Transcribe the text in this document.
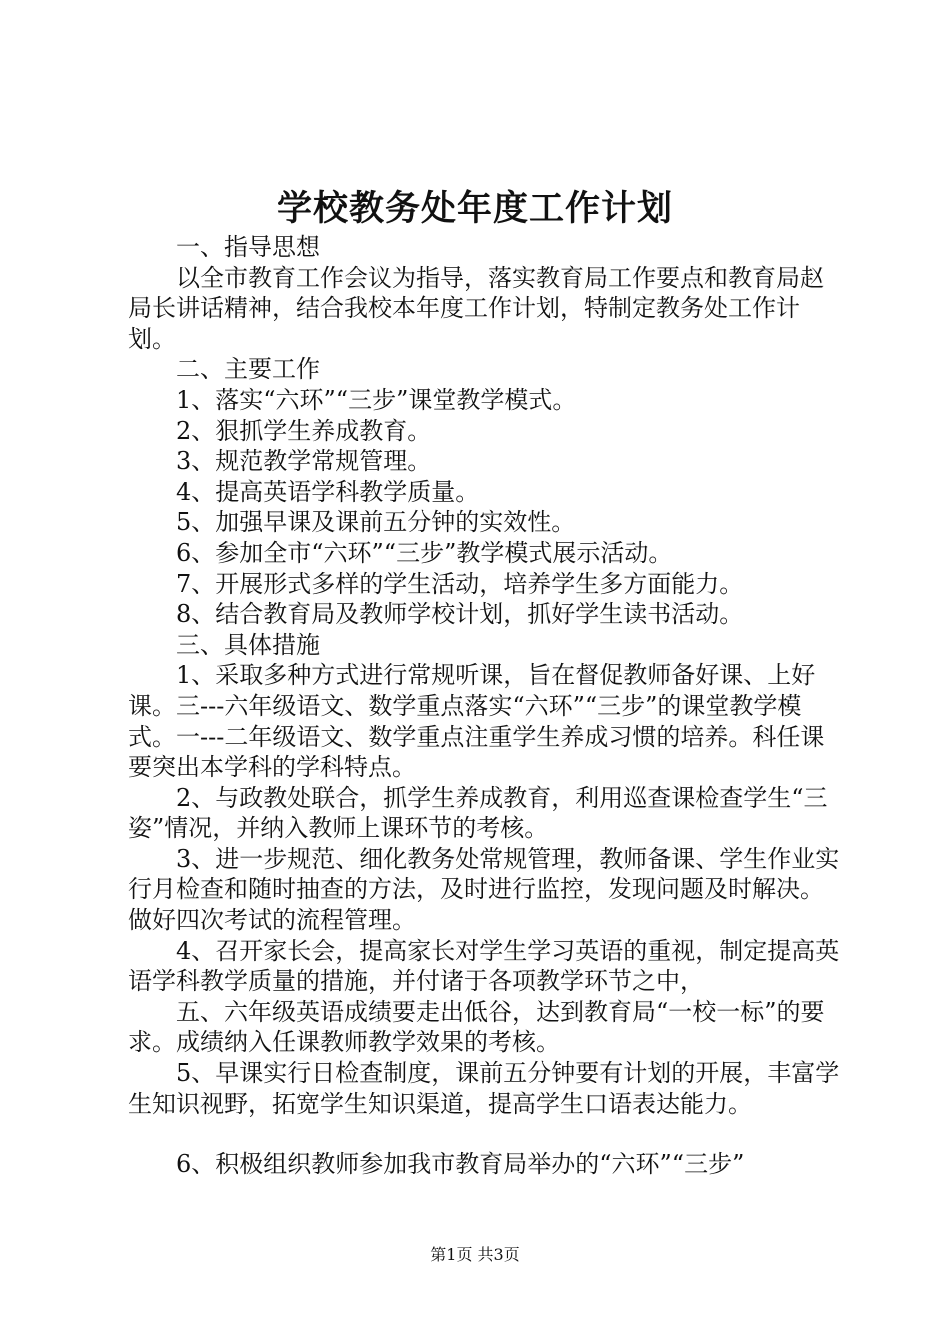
学校教务处年度工作计划

一、指导思想

以全市教育工作会议为指导，落实教育局工作要点和教育局赵局长讲话精神，结合我校本年度工作计划，特制定教务处工作计划。

二、主要工作

1、落实“六环”“三步”课堂教学模式。

2、狠抓学生养成教育。

3、规范教学常规管理。

4、提高英语学科教学质量。

5、加强早课及课前五分钟的实效性。

6、参加全市“六环”“三步”教学模式展示活动。

7、开展形式多样的学生活动，培养学生多方面能力。

8、结合教育局及教师学校计划，抓好学生读书活动。

三、具体措施

1、采取多种方式进行常规听课，旨在督促教师备好课、上好课。三---六年级语文、数学重点落实“六环”“三步”的课堂教学模式。一---二年级语文、数学重点注重学生养成习惯的培养。科任课要突出本学科的学科特点。

2、与政教处联合，抓学生养成教育，利用巡查课检查学生“三姿”情况，并纳入教师上课环节的考核。

3、进一步规范、细化教务处常规管理，教师备课、学生作业实行月检查和随时抽查的方法，及时进行监控，发现问题及时解决。做好四次考试的流程管理。

4、召开家长会，提高家长对学生学习英语的重视，制定提高英语学科教学质量的措施，并付诸于各项教学环节之中，

五、六年级英语成绩要走出低谷，达到教育局“一校一标”的要求。成绩纳入任课教师教学效果的考核。

5、早课实行日检查制度，课前五分钟要有计划的开展，丰富学生知识视野，拓宽学生知识渠道，提高学生口语表达能力。

6、积极组织教师参加我市教育局举办的“六环”“三步”

第1页 共3页
